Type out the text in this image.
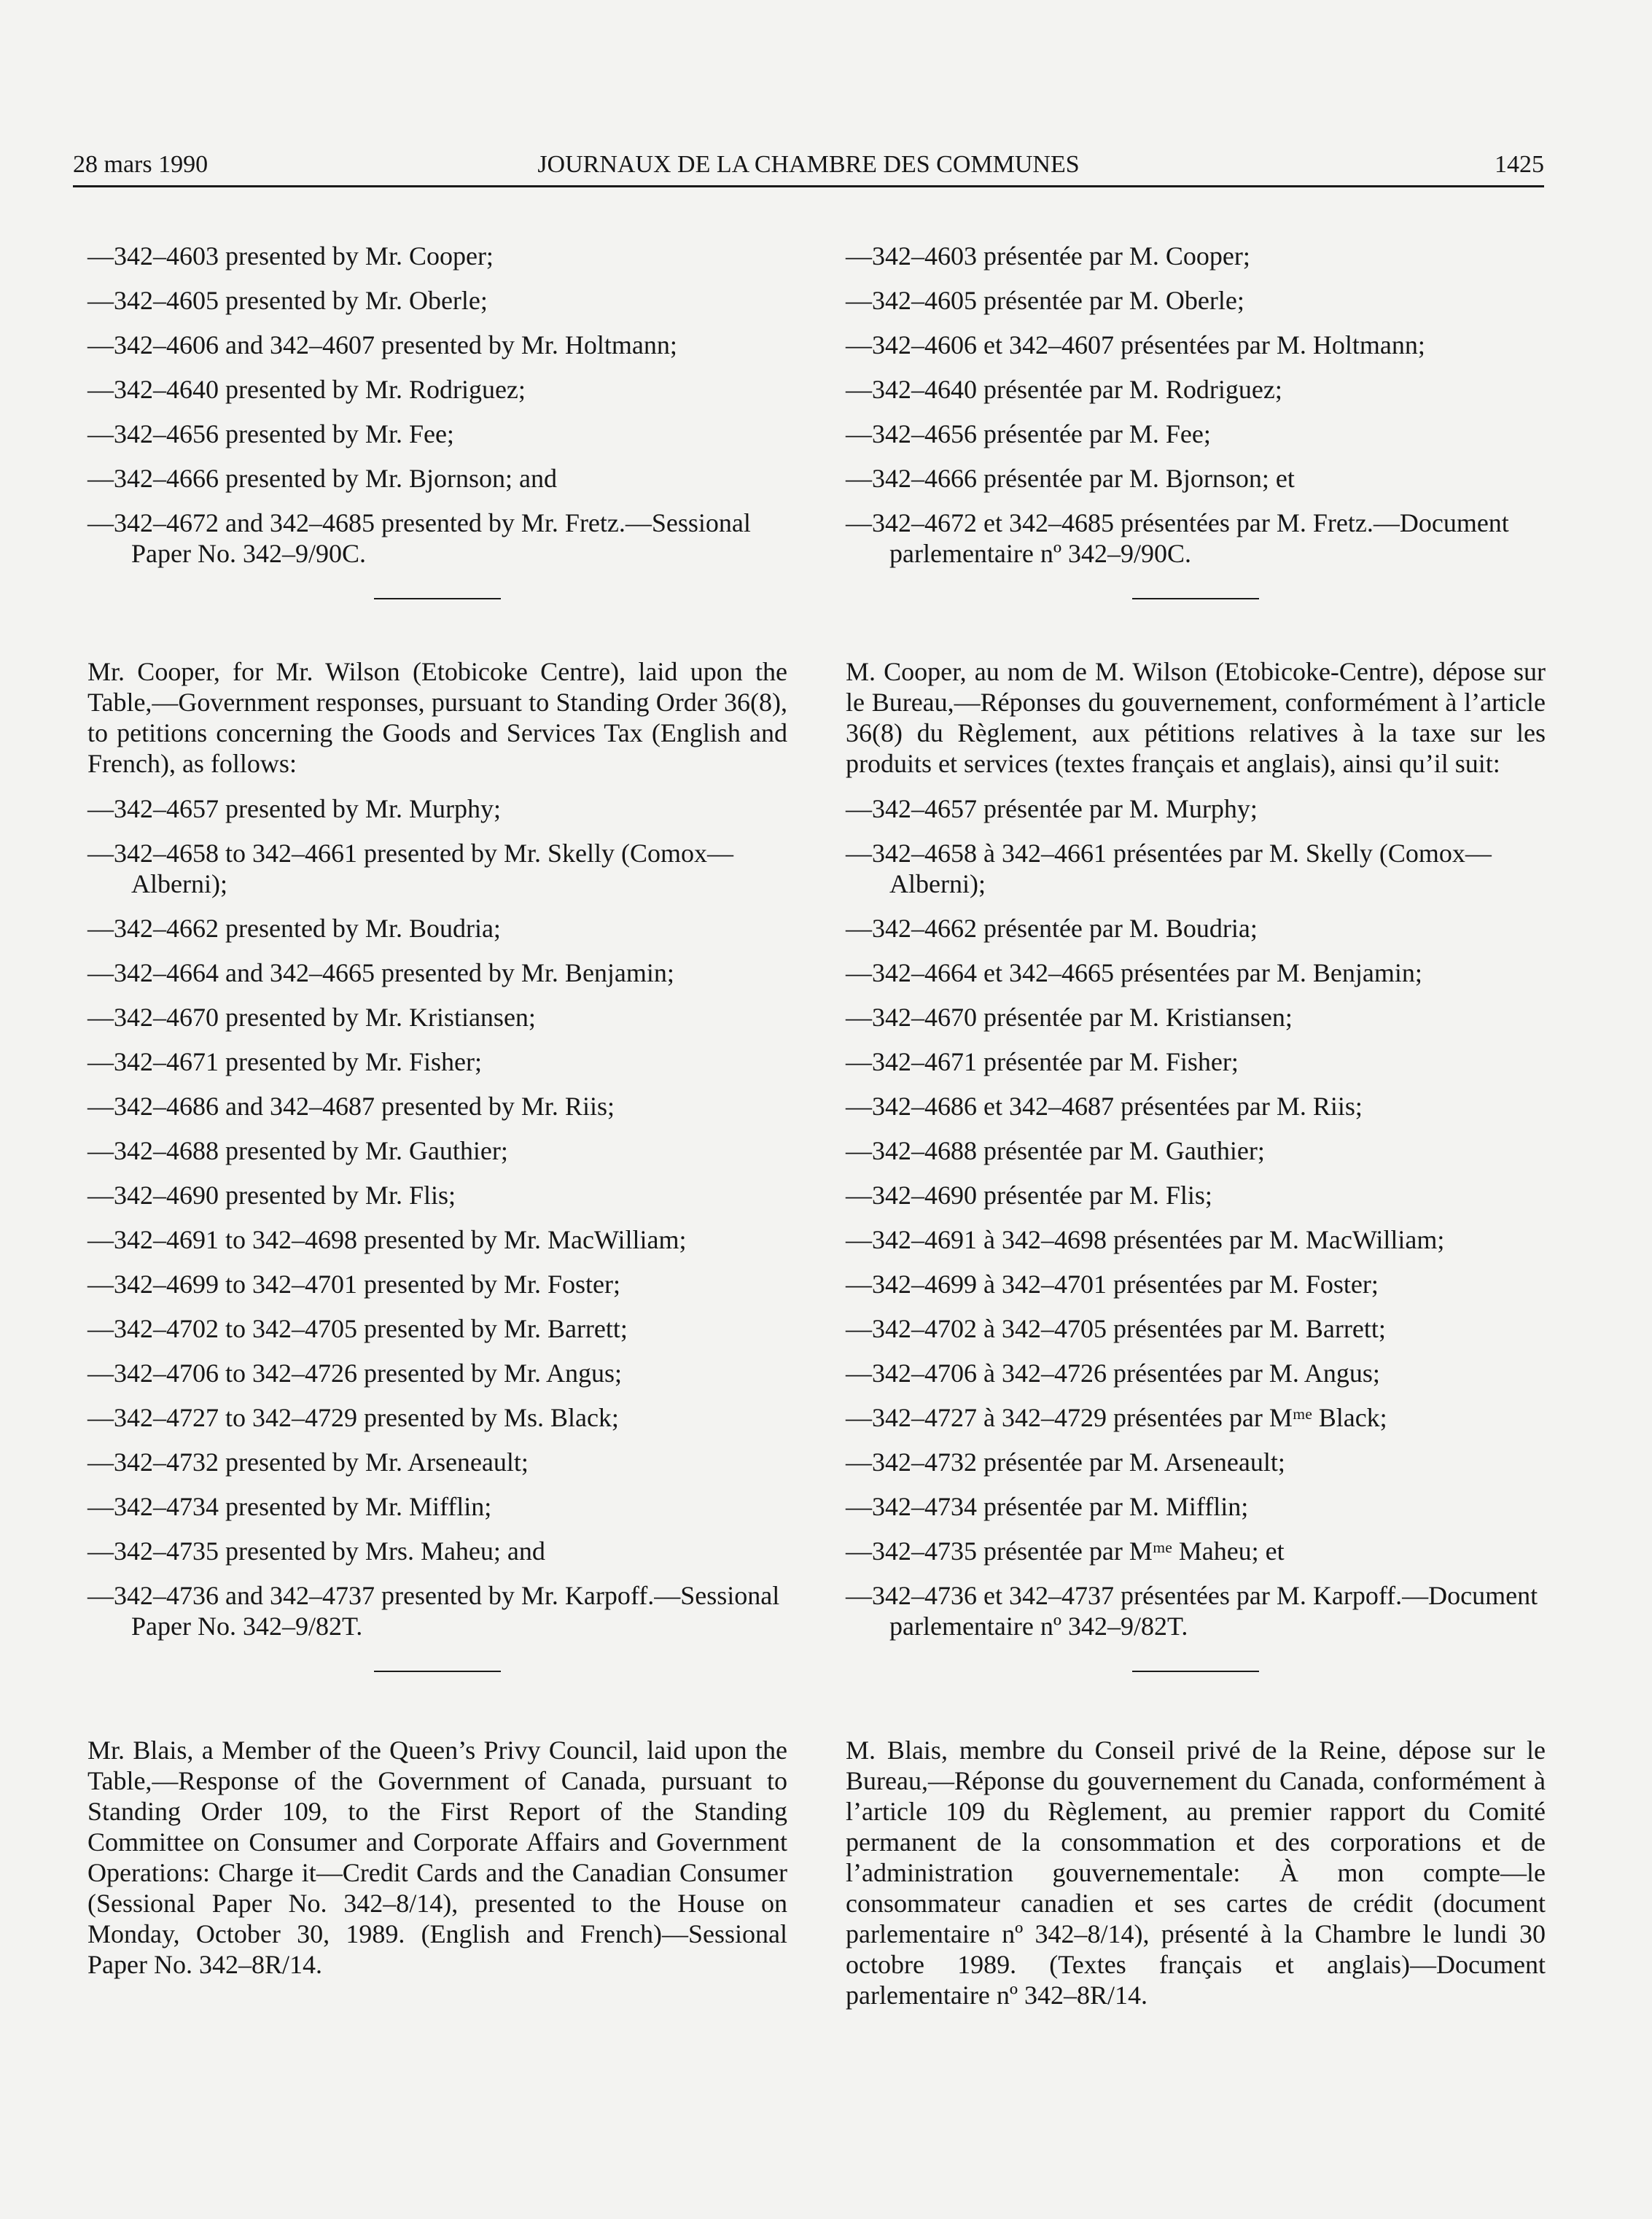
28 mars 1990	JOURNAUX DE LA CHAMBRE DES COMMUNES	1425
—342–4603 presented by Mr. Cooper;
—342–4605 presented by Mr. Oberle;
—342–4606 and 342–4607 presented by Mr. Holtmann;
—342–4640 presented by Mr. Rodriguez;
—342–4656 presented by Mr. Fee;
—342–4666 presented by Mr. Bjornson; and
—342–4672 and 342–4685 presented by Mr. Fretz.—Sessional Paper No. 342–9/90C.

Mr. Cooper, for Mr. Wilson (Etobicoke Centre), laid upon the Table,—Government responses, pursuant to Standing Order 36(8), to petitions concerning the Goods and Services Tax (English and French), as follows:

—342–4657 presented by Mr. Murphy;
—342–4658 to 342–4661 presented by Mr. Skelly (Comox—Alberni);
—342–4662 presented by Mr. Boudria;
—342–4664 and 342–4665 presented by Mr. Benjamin;
—342–4670 presented by Mr. Kristiansen;
—342–4671 presented by Mr. Fisher;
—342–4686 and 342–4687 presented by Mr. Riis;
—342–4688 presented by Mr. Gauthier;
—342–4690 presented by Mr. Flis;
—342–4691 to 342–4698 presented by Mr. MacWilliam;
—342–4699 to 342–4701 presented by Mr. Foster;
—342–4702 to 342–4705 presented by Mr. Barrett;
—342–4706 to 342–4726 presented by Mr. Angus;
—342–4727 to 342–4729 presented by Ms. Black;
—342–4732 presented by Mr. Arseneault;
—342–4734 presented by Mr. Mifflin;
—342–4735 presented by Mrs. Maheu; and
—342–4736 and 342–4737 presented by Mr. Karpoff.—Sessional Paper No. 342–9/82T.

Mr. Blais, a Member of the Queen’s Privy Council, laid upon the Table,—Response of the Government of Canada, pursuant to Standing Order 109, to the First Report of the Standing Committee on Consumer and Corporate Affairs and Government Operations: Charge it—Credit Cards and the Canadian Consumer (Sessional Paper No. 342–8/14), presented to the House on Monday, October 30, 1989. (English and French)—Sessional Paper No. 342–8R/14.

—342–4603 présentée par M. Cooper;
—342–4605 présentée par M. Oberle;
—342–4606 et 342–4607 présentées par M. Holtmann;
—342–4640 présentée par M. Rodriguez;
—342–4656 présentée par M. Fee;
—342–4666 présentée par M. Bjornson; et
—342–4672 et 342–4685 présentées par M. Fretz.—Document parlementaire nº 342–9/90C.

M. Cooper, au nom de M. Wilson (Etobicoke-Centre), dépose sur le Bureau,—Réponses du gouvernement, conformément à l’article 36(8) du Règlement, aux pétitions relatives à la taxe sur les produits et services (textes français et anglais), ainsi qu’il suit:

—342–4657 présentée par M. Murphy;
—342–4658 à 342–4661 présentées par M. Skelly (Comox—Alberni);
—342–4662 présentée par M. Boudria;
—342–4664 et 342–4665 présentées par M. Benjamin;
—342–4670 présentée par M. Kristiansen;
—342–4671 présentée par M. Fisher;
—342–4686 et 342–4687 présentées par M. Riis;
—342–4688 présentée par M. Gauthier;
—342–4690 présentée par M. Flis;
—342–4691 à 342–4698 présentées par M. MacWilliam;
—342–4699 à 342–4701 présentées par M. Foster;
—342–4702 à 342–4705 présentées par M. Barrett;
—342–4706 à 342–4726 présentées par M. Angus;
—342–4727 à 342–4729 présentées par Mᵐᵉ Black;
—342–4732 présentée par M. Arseneault;
—342–4734 présentée par M. Mifflin;
—342–4735 présentée par Mᵐᵉ Maheu; et
—342–4736 et 342–4737 présentées par M. Karpoff.—Document parlementaire nº 342–9/82T.

M. Blais, membre du Conseil privé de la Reine, dépose sur le Bureau,—Réponse du gouvernement du Canada, conformément à l’article 109 du Règlement, au premier rapport du Comité permanent de la consommation et des corporations et de l’administration gouvernementale: À mon compte—le consommateur canadien et ses cartes de crédit (document parlementaire nº 342–8/14), présenté à la Chambre le lundi 30 octobre 1989. (Textes français et anglais)—Document parlementaire nº 342–8R/14.
